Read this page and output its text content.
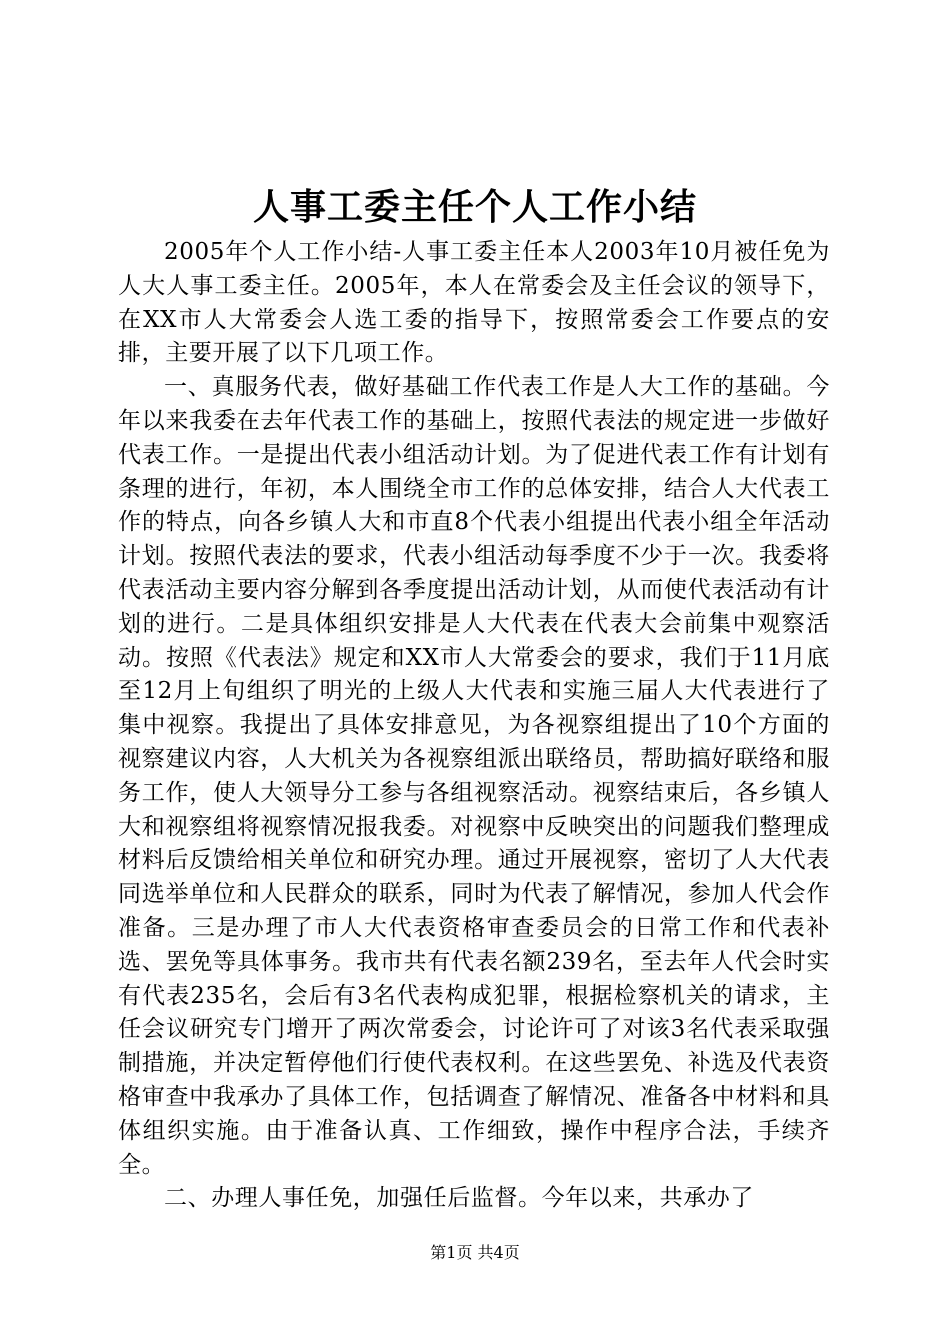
人事工委主任个人工作小结

2005年个人工作小结-人事工委主任本人2003年10月被任免为人大人事工委主任。2005年，本人在常委会及主任会议的领导下，在XX市人大常委会人选工委的指导下，按照常委会工作要点的安排，主要开展了以下几项工作。

一、真服务代表，做好基础工作代表工作是人大工作的基础。今年以来我委在去年代表工作的基础上，按照代表法的规定进一步做好代表工作。一是提出代表小组活动计划。为了促进代表工作有计划有条理的进行，年初，本人围绕全市工作的总体安排，结合人大代表工作的特点，向各乡镇人大和市直8个代表小组提出代表小组全年活动计划。按照代表法的要求，代表小组活动每季度不少于一次。我委将代表活动主要内容分解到各季度提出活动计划，从而使代表活动有计划的进行。二是具体组织安排是人大代表在代表大会前集中观察活动。按照《代表法》规定和XX市人大常委会的要求，我们于11月底至12月上旬组织了明光的上级人大代表和实施三届人大代表进行了集中视察。我提出了具体安排意见，为各视察组提出了10个方面的视察建议内容，人大机关为各视察组派出联络员，帮助搞好联络和服务工作，使人大领导分工参与各组视察活动。视察结束后，各乡镇人大和视察组将视察情况报我委。对视察中反映突出的问题我们整理成材料后反馈给相关单位和研究办理。通过开展视察，密切了人大代表同选举单位和人民群众的联系，同时为代表了解情况，参加人代会作准备。三是办理了市人大代表资格审查委员会的日常工作和代表补选、罢免等具体事务。我市共有代表名额239名，至去年人代会时实有代表235名，会后有3名代表构成犯罪，根据检察机关的请求，主任会议研究专门增开了两次常委会，讨论许可了对该3名代表采取强制措施，并决定暂停他们行使代表权利。在这些罢免、补选及代表资格审查中我承办了具体工作，包括调查了解情况、准备各中材料和具体组织实施。由于准备认真、工作细致，操作中程序合法，手续齐全。

二、办理人事任免，加强任后监督。今年以来，共承办了

第1页 共4页
